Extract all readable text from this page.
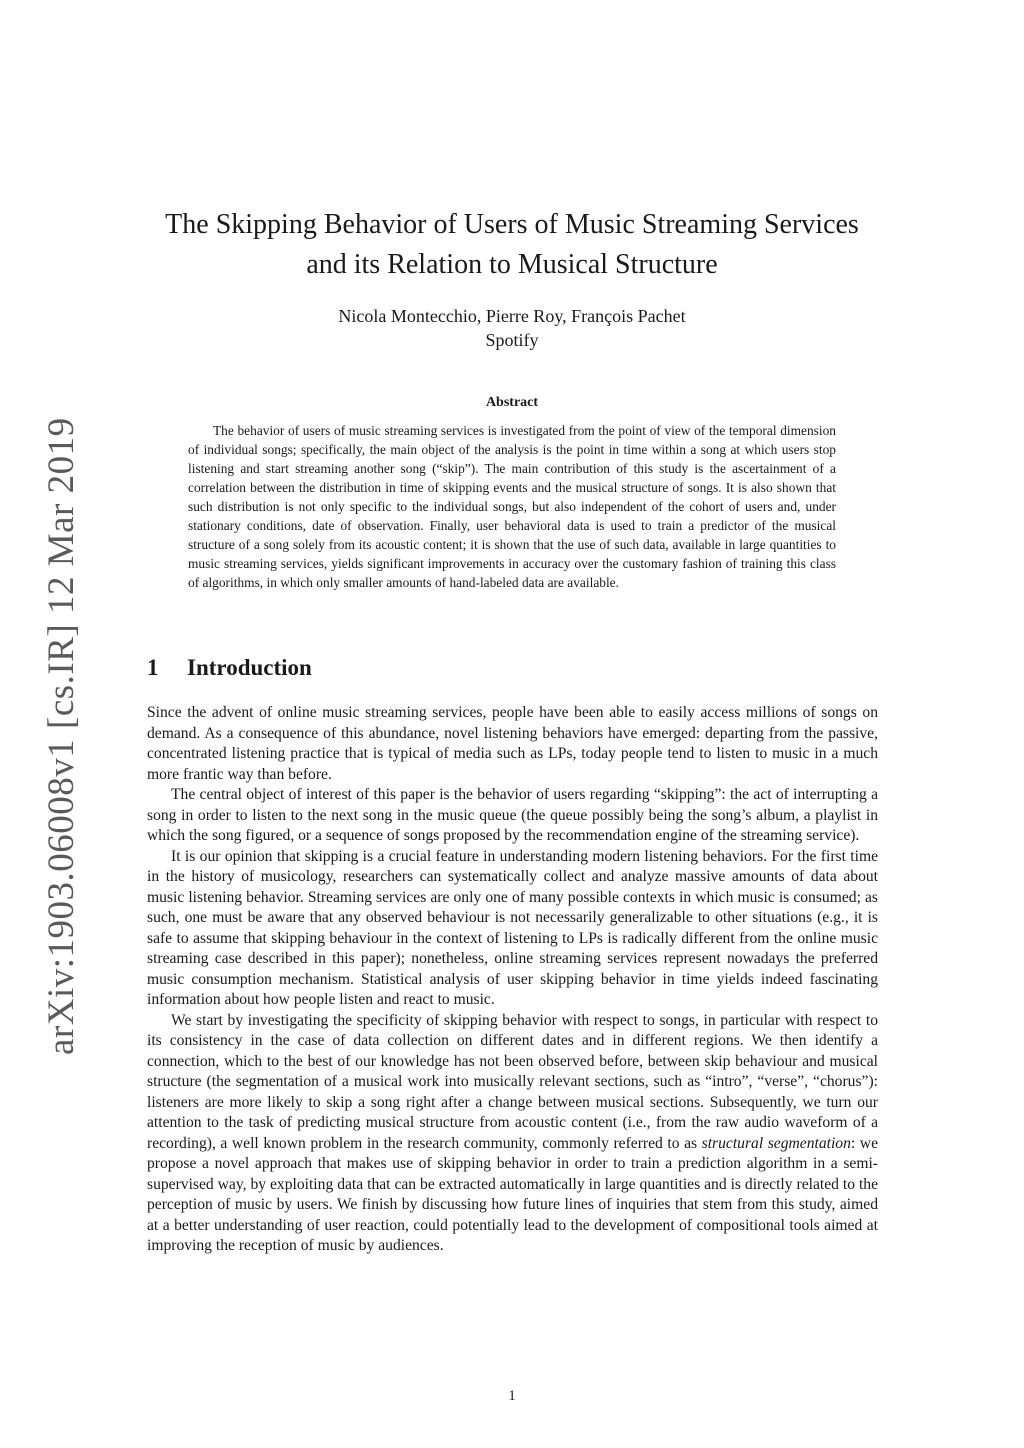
arXiv:1903.06008v1 [cs.IR] 12 Mar 2019
The Skipping Behavior of Users of Music Streaming Services
and its Relation to Musical Structure
Nicola Montecchio, Pierre Roy, François Pachet
Spotify
Abstract

The behavior of users of music streaming services is investigated from the point of view of the temporal dimension of individual songs; specifically, the main object of the analysis is the point in time within a song at which users stop listening and start streaming another song (“skip”). The main contribution of this study is the ascertainment of a correlation between the distribution in time of skipping events and the musical structure of songs. It is also shown that such distribution is not only specific to the individual songs, but also independent of the cohort of users and, under stationary conditions, date of observation. Finally, user behavioral data is used to train a predictor of the musical structure of a song solely from its acoustic content; it is shown that the use of such data, available in large quantities to music streaming services, yields significant improvements in accuracy over the customary fashion of training this class of algorithms, in which only smaller amounts of hand-labeled data are available.

1 Introduction

Since the advent of online music streaming services, people have been able to easily access millions of songs on demand. As a consequence of this abundance, novel listening behaviors have emerged: departing from the passive, concentrated listening practice that is typical of media such as LPs, today people tend to listen to music in a much more frantic way than before.

The central object of interest of this paper is the behavior of users regarding “skipping”: the act of interrupting a song in order to listen to the next song in the music queue (the queue possibly being the song’s album, a playlist in which the song figured, or a sequence of songs proposed by the recommendation engine of the streaming service).

It is our opinion that skipping is a crucial feature in understanding modern listening behaviors. For the first time in the history of musicology, researchers can systematically collect and analyze massive amounts of data about music listening behavior. Streaming services are only one of many possible contexts in which music is consumed; as such, one must be aware that any observed behaviour is not necessarily generalizable to other situations (e.g., it is safe to assume that skipping behaviour in the context of listening to LPs is radically different from the online music streaming case described in this paper); nonetheless, online streaming services represent nowadays the preferred music consumption mechanism. Statistical analysis of user skipping behavior in time yields indeed fascinating information about how people listen and react to music.

We start by investigating the specificity of skipping behavior with respect to songs, in particular with respect to its consistency in the case of data collection on different dates and in different regions. We then identify a connection, which to the best of our knowledge has not been observed before, between skip behaviour and musical structure (the segmentation of a musical work into musically relevant sections, such as “intro”, “verse”, “chorus”): listeners are more likely to skip a song right after a change between musical sections. Subsequently, we turn our attention to the task of predicting musical structure from acoustic content (i.e., from the raw audio waveform of a recording), a well known problem in the research community, commonly referred to as structural segmentation: we propose a novel approach that makes use of skipping behavior in order to train a prediction algorithm in a semi-supervised way, by exploiting data that can be extracted automatically in large quantities and is directly related to the perception of music by users. We finish by discussing how future lines of inquiries that stem from this study, aimed at a better understanding of user reaction, could potentially lead to the development of compositional tools aimed at improving the reception of music by audiences.

1
